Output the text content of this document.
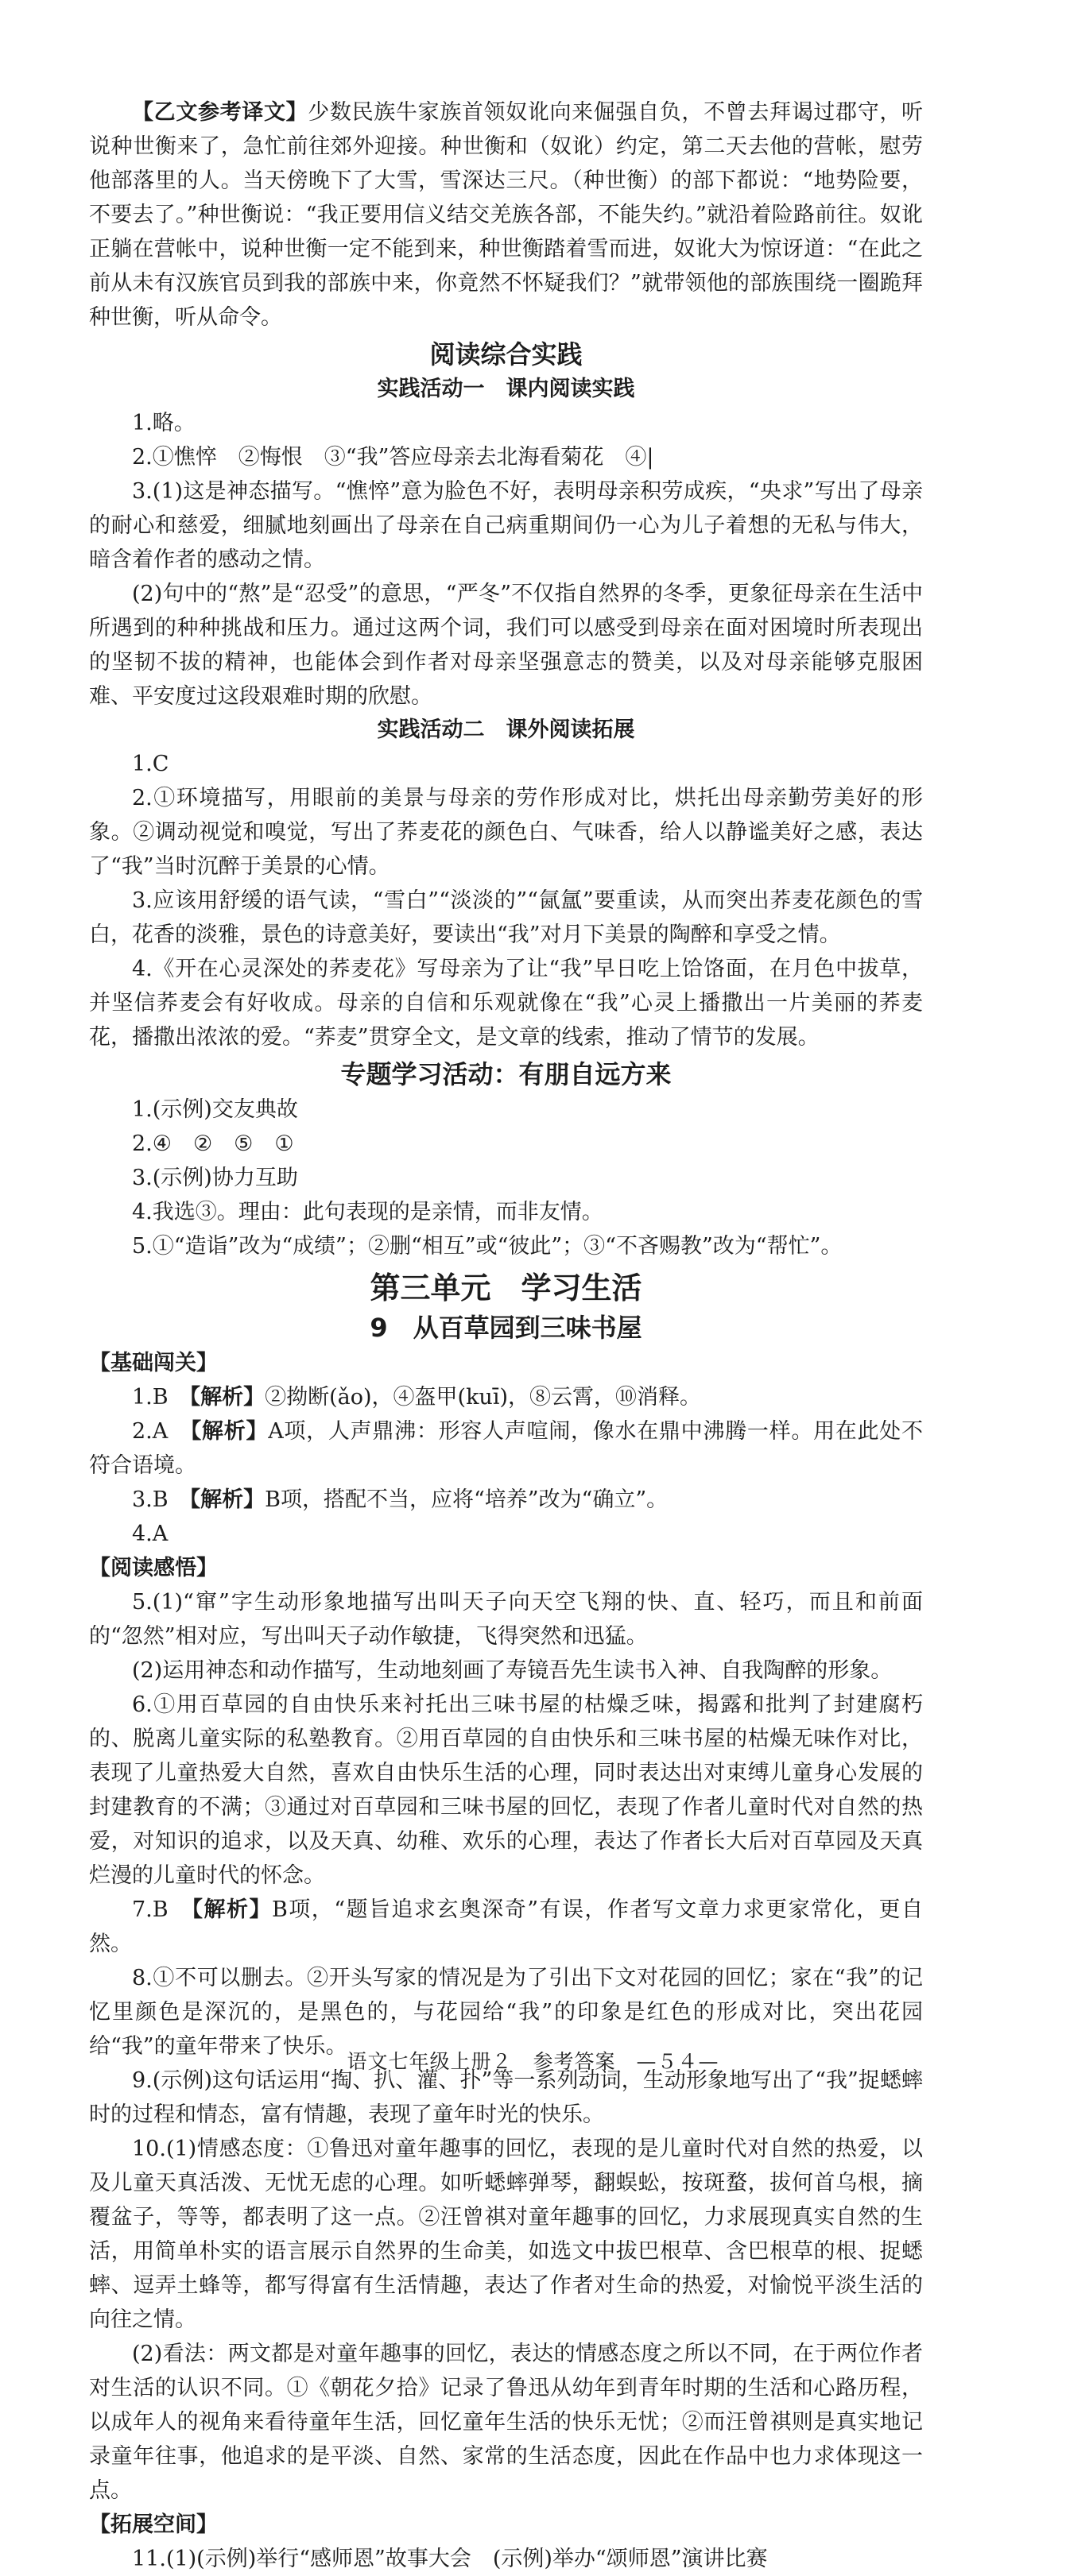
【乙文参考译文】少数民族牛家族首领奴讹向来倔强自负，不曾去拜谒过郡守，听说种世衡来了，急忙前往郊外迎接。种世衡和（奴讹）约定，第二天去他的营帐，慰劳他部落里的人。当天傍晚下了大雪，雪深达三尺。（种世衡）的部下都说：“地势险要，不要去了。”种世衡说：“我正要用信义结交羌族各部，不能失约。”就沿着险路前往。奴讹正躺在营帐中，说种世衡一定不能到来，种世衡踏着雪而进，奴讹大为惊讶道：“在此之前从未有汉族官员到我的部族中来，你竟然不怀疑我们？”就带领他的部族围绕一圈跪拜种世衡，听从命令。

阅读综合实践
实践活动一　课内阅读实践

1.略。

2.①憔悴　②悔恨　③“我”答应母亲去北海看菊花　④|

3.(1)这是神态描写。“憔悴”意为脸色不好，表明母亲积劳成疾，“央求”写出了母亲的耐心和慈爱，细腻地刻画出了母亲在自己病重期间仍一心为儿子着想的无私与伟大，暗含着作者的感动之情。

(2)句中的“熬”是“忍受”的意思，“严冬”不仅指自然界的冬季，更象征母亲在生活中所遇到的种种挑战和压力。通过这两个词，我们可以感受到母亲在面对困境时所表现出的坚韧不拔的精神，也能体会到作者对母亲坚强意志的赞美，以及对母亲能够克服困难、平安度过这段艰难时期的欣慰。

实践活动二　课外阅读拓展

1.C

2.①环境描写，用眼前的美景与母亲的劳作形成对比，烘托出母亲勤劳美好的形象。②调动视觉和嗅觉，写出了荞麦花的颜色白、气味香，给人以静谧美好之感，表达了“我”当时沉醉于美景的心情。

3.应该用舒缓的语气读，“雪白”“淡淡的”“氤氲”要重读，从而突出荞麦花颜色的雪白，花香的淡雅，景色的诗意美好，要读出“我”对月下美景的陶醉和享受之情。

4.《开在心灵深处的荞麦花》写母亲为了让“我”早日吃上饸饹面，在月色中拔草，并坚信荞麦会有好收成。母亲的自信和乐观就像在“我”心灵上播撒出一片美丽的荞麦花，播撒出浓浓的爱。“荞麦”贯穿全文，是文章的线索，推动了情节的发展。

专题学习活动：有朋自远方来

1.(示例)交友典故

2.④　②　⑤　①

3.(示例)协力互助

4.我选③。理由：此句表现的是亲情，而非友情。

5.①“造诣”改为“成绩”；②删“相互”或“彼此”；③“不吝赐教”改为“帮忙”。

第三单元　学习生活
9　从百草园到三味书屋
【基础闯关】

1.B　【解析】②拗断(ǎo)，④盔甲(kuī)，⑧云霄，⑩消释。

2.A　【解析】A项，人声鼎沸：形容人声喧闹，像水在鼎中沸腾一样。用在此处不符合语境。

3.B　【解析】B项，搭配不当，应将“培养”改为“确立”。

4.A

【阅读感悟】

5.(1)“窜”字生动形象地描写出叫天子向天空飞翔的快、直、轻巧，而且和前面的“忽然”相对应，写出叫天子动作敏捷，飞得突然和迅猛。

(2)运用神态和动作描写，生动地刻画了寿镜吾先生读书入神、自我陶醉的形象。

6.①用百草园的自由快乐来衬托出三味书屋的枯燥乏味，揭露和批判了封建腐朽的、脱离儿童实际的私塾教育。②用百草园的自由快乐和三味书屋的枯燥无味作对比，表现了儿童热爱大自然，喜欢自由快乐生活的心理，同时表达出对束缚儿童身心发展的封建教育的不满；③通过对百草园和三味书屋的回忆，表现了作者儿童时代对自然的热爱，对知识的追求，以及天真、幼稚、欢乐的心理，表达了作者长大后对百草园及天真烂漫的儿童时代的怀念。

7.B　【解析】B项，“题旨追求玄奥深奇”有误，作者写文章力求更家常化，更自然。

8.①不可以删去。②开头写家的情况是为了引出下文对花园的回忆；家在“我”的记忆里颜色是深沉的，是黑色的，与花园给“我”的印象是红色的形成对比，突出花园给“我”的童年带来了快乐。

9.(示例)这句话运用“掏、扒、灌、扑”等一系列动词，生动形象地写出了“我”捉蟋蟀时的过程和情态，富有情趣，表现了童年时光的快乐。

10.(1)情感态度：①鲁迅对童年趣事的回忆，表现的是儿童时代对自然的热爱，以及儿童天真活泼、无忧无虑的心理。如听蟋蟀弹琴，翻蜈蚣，按斑蝥，拔何首乌根，摘覆盆子，等等，都表明了这一点。②汪曾祺对童年趣事的回忆，力求展现真实自然的生活，用简单朴实的语言展示自然界的生命美，如选文中拔巴根草、含巴根草的根、捉蟋蟀、逗弄土蜂等，都写得富有生活情趣，表达了作者对生命的热爱，对愉悦平淡生活的向往之情。

(2)看法：两文都是对童年趣事的回忆，表达的情感态度之所以不同，在于两位作者对生活的认识不同。①《朝花夕拾》记录了鲁迅从幼年到青年时期的生活和心路历程，以成年人的视角来看待童年生活，回忆童年生活的快乐无忧；②而汪曾祺则是真实地记录童年往事，他追求的是平淡、自然、家常的生活态度，因此在作品中也力求体现这一点。

【拓展空间】

11.(1)(示例)举行“感师恩”故事大会　(示例)举办“颂师恩”演讲比赛

语文七年级上册２　参考答案　—５４—
